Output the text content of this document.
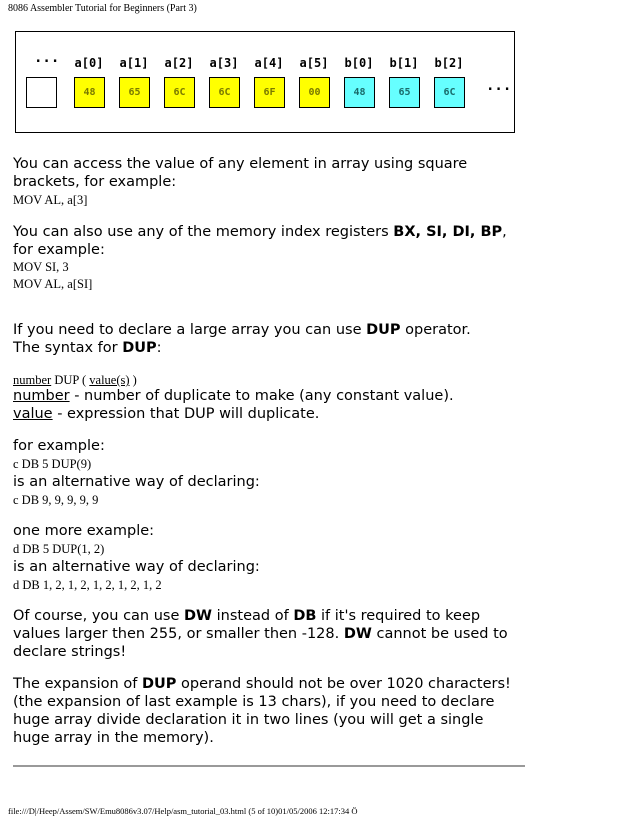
8086 Assembler Tutorial for Beginners (Part 3)
...
...
a[0]	a[1]	a[2]	a[3]	a[4]	a[5]	b[0]	b[1]	b[2]
48	65	6C	6C	6F	00	48	65	6C
You can access the value of any element in array using square
brackets, for example:
MOV AL, a[3]
You can also use any of the memory index registers BX, SI, DI, BP,
for example:
MOV SI, 3
MOV AL, a[SI]
If you need to declare a large array you can use DUP operator.
The syntax for DUP:
number DUP ( value(s) )
number - number of duplicate to make (any constant value).
value - expression that DUP will duplicate.
for example:
c DB 5 DUP(9)
is an alternative way of declaring:
c DB 9, 9, 9, 9, 9
one more example:
d DB 5 DUP(1, 2)
is an alternative way of declaring:
d DB 1, 2, 1, 2, 1, 2, 1, 2, 1, 2
Of course, you can use DW instead of DB if it's required to keep
values larger then 255, or smaller then -128. DW cannot be used to
declare strings!
The expansion of DUP operand should not be over 1020 characters!
(the expansion of last example is 13 chars), if you need to declare
huge array divide declaration it in two lines (you will get a single
huge array in the memory).
file:///D|/Heep/Assem/SW/Emu8086v3.07/Help/asm_tutorial_03.html (5 of 10)01/05/2006 12:17:34 Ö
